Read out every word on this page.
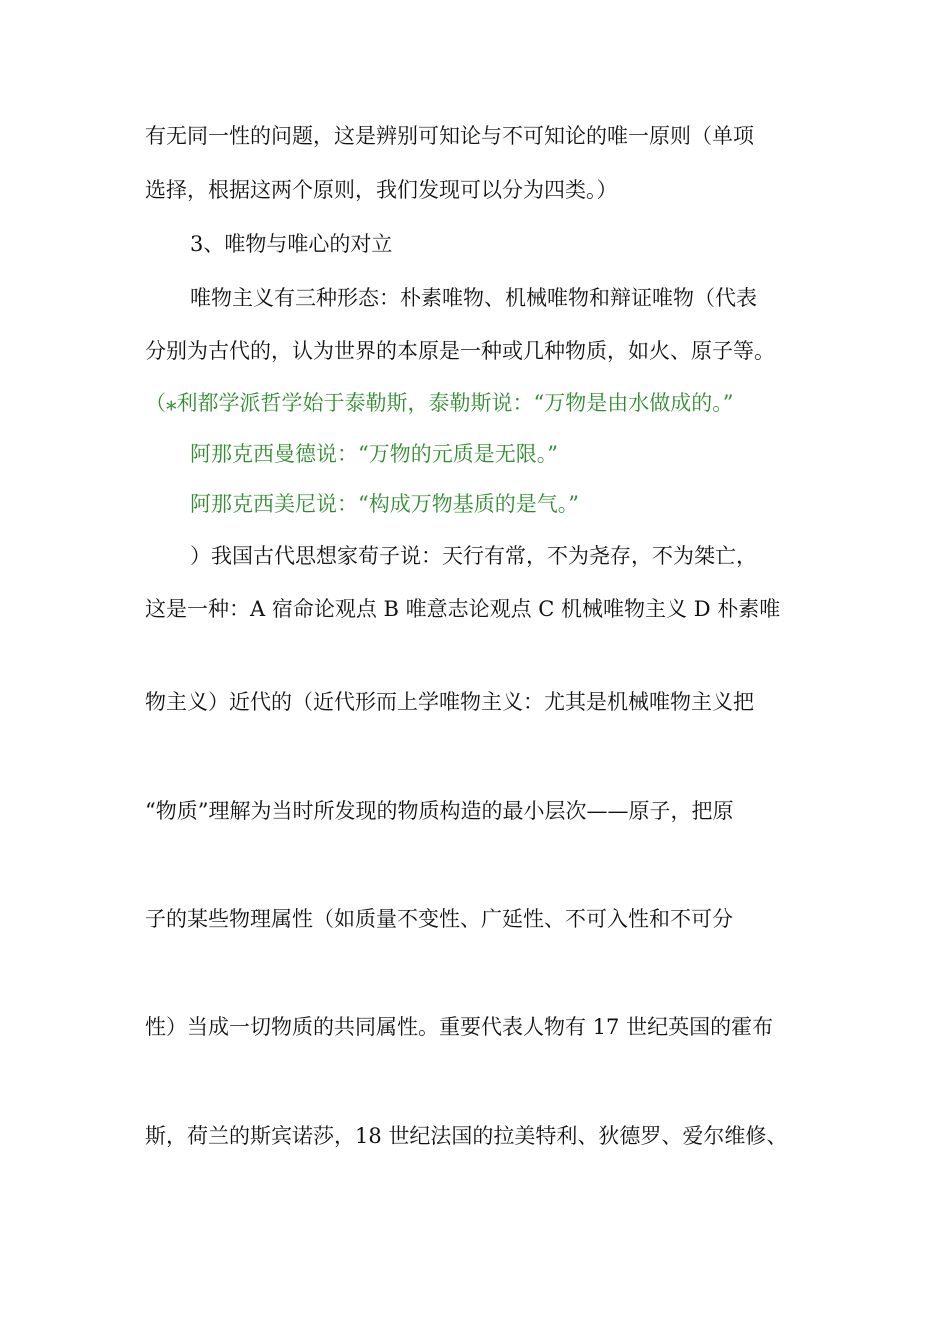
有无同一性的问题，这是辨别可知论与不可知论的唯一原则（单项
选择，根据这两个原则，我们发现可以分为四类。）
3、唯物与唯心的对立
唯物主义有三种形态：朴素唯物、机械唯物和辩证唯物（代表
分别为古代的，认为世界的本原是一种或几种物质，如火、原子等。
（⁎利都学派哲学始于泰勒斯，泰勒斯说：“万物是由水做成的。”
阿那克西曼德说：“万物的元质是无限。”
阿那克西美尼说：“构成万物基质的是气。”
）我国古代思想家荀子说：天行有常，不为尧存，不为桀亡，
这是一种：A 宿命论观点 B 唯意志论观点 C 机械唯物主义 D 朴素唯
物主义）近代的（近代形而上学唯物主义：尤其是机械唯物主义把
“物质”理解为当时所发现的物质构造的最小层次——原子，把原
子的某些物理属性（如质量不变性、广延性、不可入性和不可分
性）当成一切物质的共同属性。重要代表人物有 17 世纪英国的霍布
斯，荷兰的斯宾诺莎，18 世纪法国的拉美特利、狄德罗、爱尔维修、
